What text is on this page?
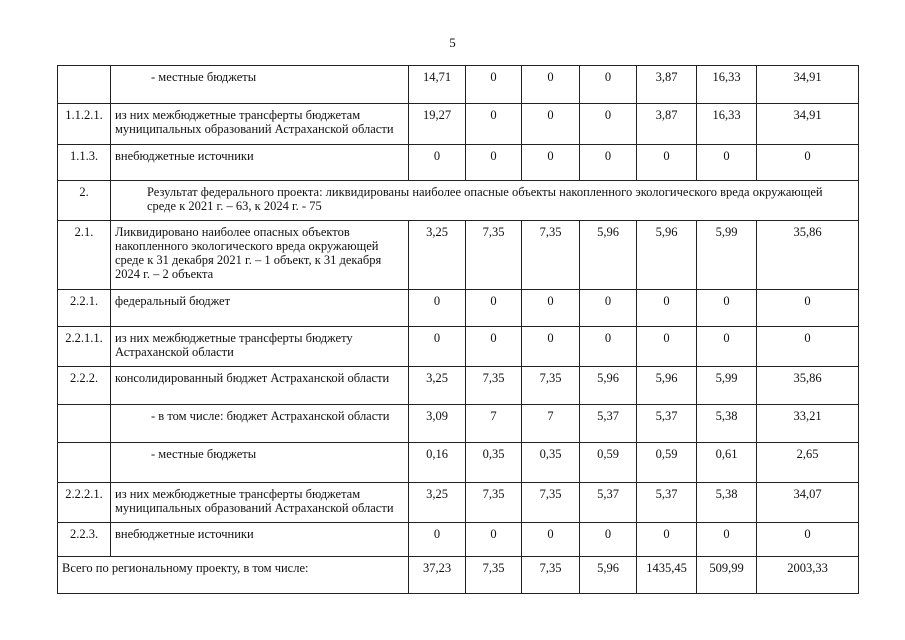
5
	- местные бюджеты	14,71	0	0	0	3,87	16,33	34,91
1.1.2.1.	из них межбюджетные трансферты бюджетам муниципальных образований Астраханской области	19,27	0	0	0	3,87	16,33	34,91
1.1.3.	внебюджетные источники	0	0	0	0	0	0	0
2.	Результат федерального проекта: ликвидированы наиболее опасные объекты накопленного экологического вреда окружающей среде к 2021 г. – 63, к 2024 г. - 75							
2.1.	Ликвидировано наиболее опасных объектов накопленного экологического вреда окружающей среде к 31 декабря 2021 г. – 1 объект, к 31 декабря 2024 г. – 2 объекта	3,25	7,35	7,35	5,96	5,96	5,99	35,86
2.2.1.	федеральный бюджет	0	0	0	0	0	0	0
2.2.1.1.	из них межбюджетные трансферты бюджету Астраханской области	0	0	0	0	0	0	0
2.2.2.	консолидированный бюджет Астраханской области	3,25	7,35	7,35	5,96	5,96	5,99	35,86
	- в том числе: бюджет Астраханской области	3,09	7	7	5,37	5,37	5,38	33,21
	- местные бюджеты	0,16	0,35	0,35	0,59	0,59	0,61	2,65
2.2.2.1.	из них межбюджетные трансферты бюджетам муниципальных образований Астраханской области	3,25	7,35	7,35	5,37	5,37	5,38	34,07
2.2.3.	внебюджетные источники	0	0	0	0	0	0	0
Всего по региональному проекту, в том числе:		37,23	7,35	7,35	5,96	1435,45	509,99	2003,33
